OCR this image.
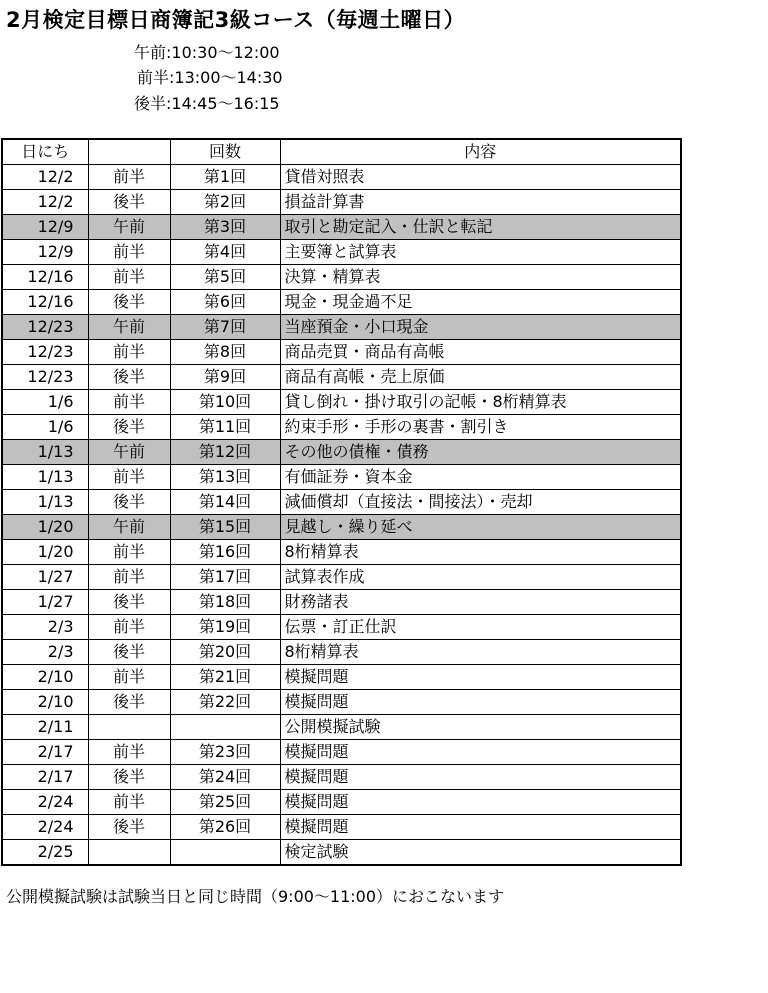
2月検定目標日商簿記3級コース（毎週土曜日）
午前:10:30〜12:00
前半:13:00〜14:30
後半:14:45〜16:15
日にち		回数	内容
12/2	前半	第1回	貸借対照表
12/2	後半	第2回	損益計算書
12/9	午前	第3回	取引と勘定記入・仕訳と転記
12/9	前半	第4回	主要簿と試算表
12/16	前半	第5回	決算・精算表
12/16	後半	第6回	現金・現金過不足
12/23	午前	第7回	当座預金・小口現金
12/23	前半	第8回	商品売買・商品有高帳
12/23	後半	第9回	商品有高帳・売上原価
1/6	前半	第10回	貸し倒れ・掛け取引の記帳・8桁精算表
1/6	後半	第11回	約束手形・手形の裏書・割引き
1/13	午前	第12回	その他の債権・債務
1/13	前半	第13回	有価証券・資本金
1/13	後半	第14回	減価償却（直接法・間接法）・売却
1/20	午前	第15回	見越し・繰り延べ
1/20	前半	第16回	8桁精算表
1/27	前半	第17回	試算表作成
1/27	後半	第18回	財務諸表
2/3	前半	第19回	伝票・訂正仕訳
2/3	後半	第20回	8桁精算表
2/10	前半	第21回	模擬問題
2/10	後半	第22回	模擬問題
2/11			公開模擬試験
2/17	前半	第23回	模擬問題
2/17	後半	第24回	模擬問題
2/24	前半	第25回	模擬問題
2/24	後半	第26回	模擬問題
2/25			検定試験
公開模擬試験は試験当日と同じ時間（9:00〜11:00）におこないます
